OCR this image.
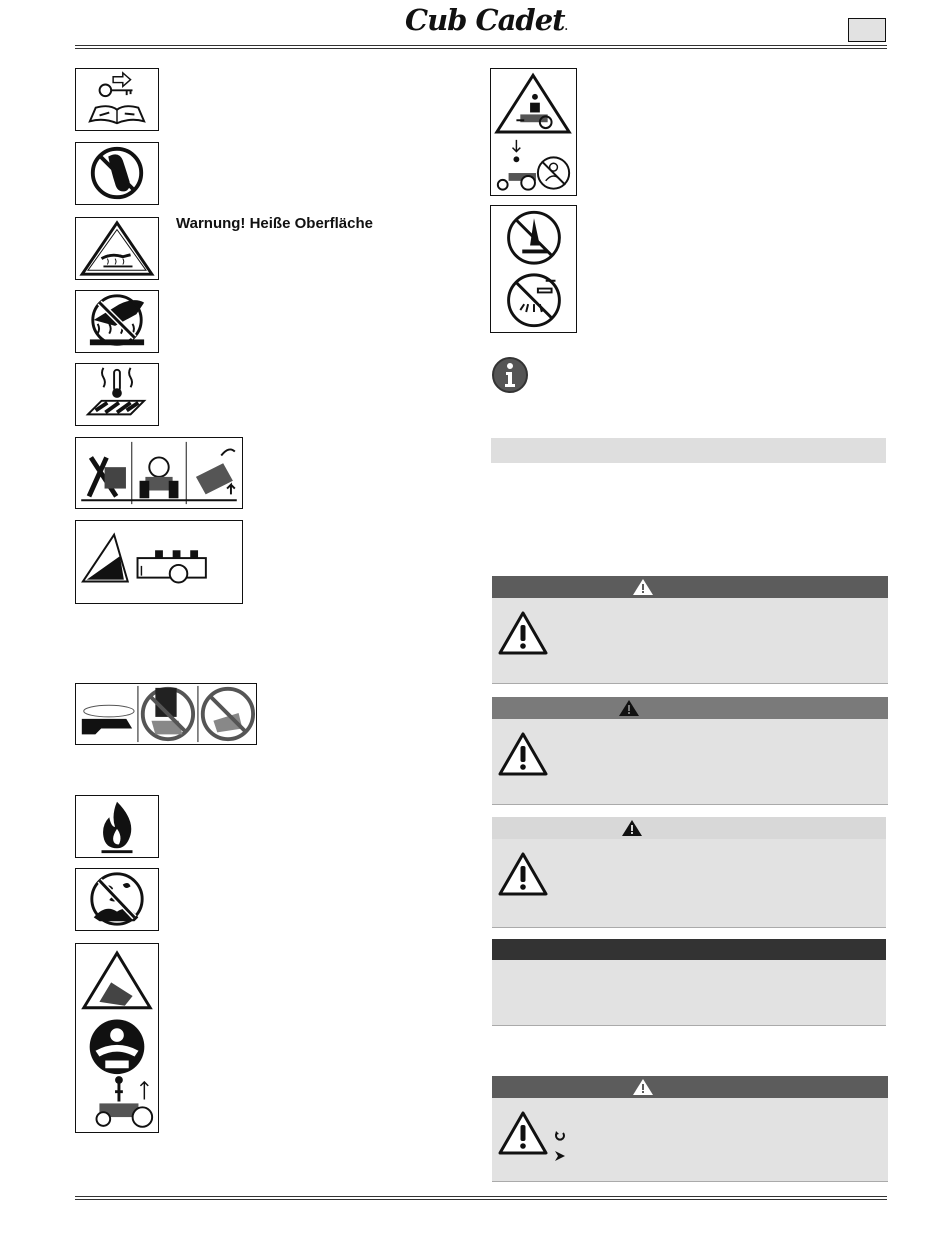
Cub Cadet.
Warnung! Heiße Oberfläche
